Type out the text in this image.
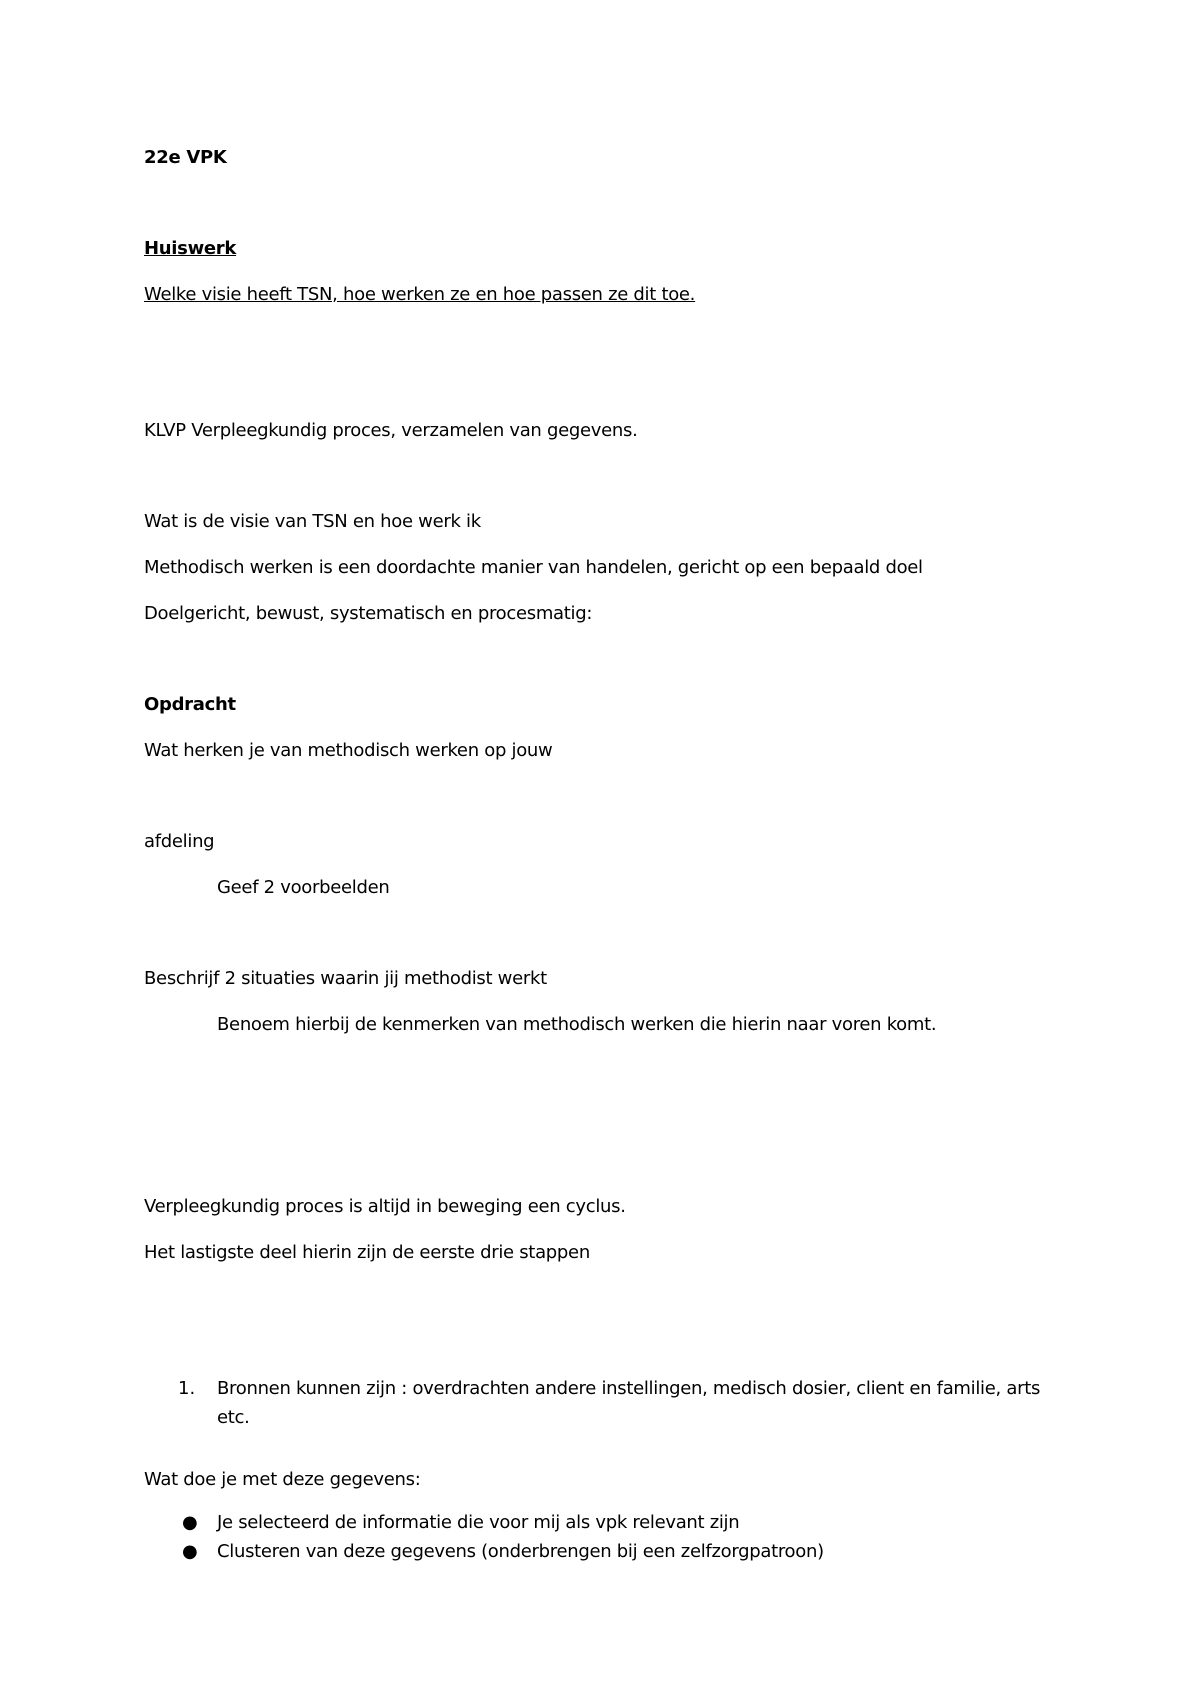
22e VPK
Huiswerk
Welke visie heeft TSN, hoe werken ze en hoe passen ze dit toe.
KLVP Verpleegkundig proces, verzamelen van gegevens.
Wat is de visie van TSN en hoe werk ik
Methodisch werken is een doordachte manier van handelen, gericht op een bepaald doel
Doelgericht, bewust, systematisch en procesmatig:
Opdracht
Wat herken je van methodisch werken op jouw
afdeling
Geef 2 voorbeelden
Beschrijf 2 situaties waarin jij methodist werkt
Benoem hierbij de kenmerken van methodisch werken die hierin naar voren komt.
Verpleegkundig proces is altijd in beweging een cyclus.
Het lastigste deel hierin zijn de eerste drie stappen
1. Bronnen kunnen zijn : overdrachten andere instellingen, medisch dosier, client en familie, arts etc.
Wat doe je met deze gegevens:
● Je selecteerd de informatie die voor mij als vpk relevant zijn
● Clusteren van deze gegevens (onderbrengen bij een zelfzorgpatroon)
